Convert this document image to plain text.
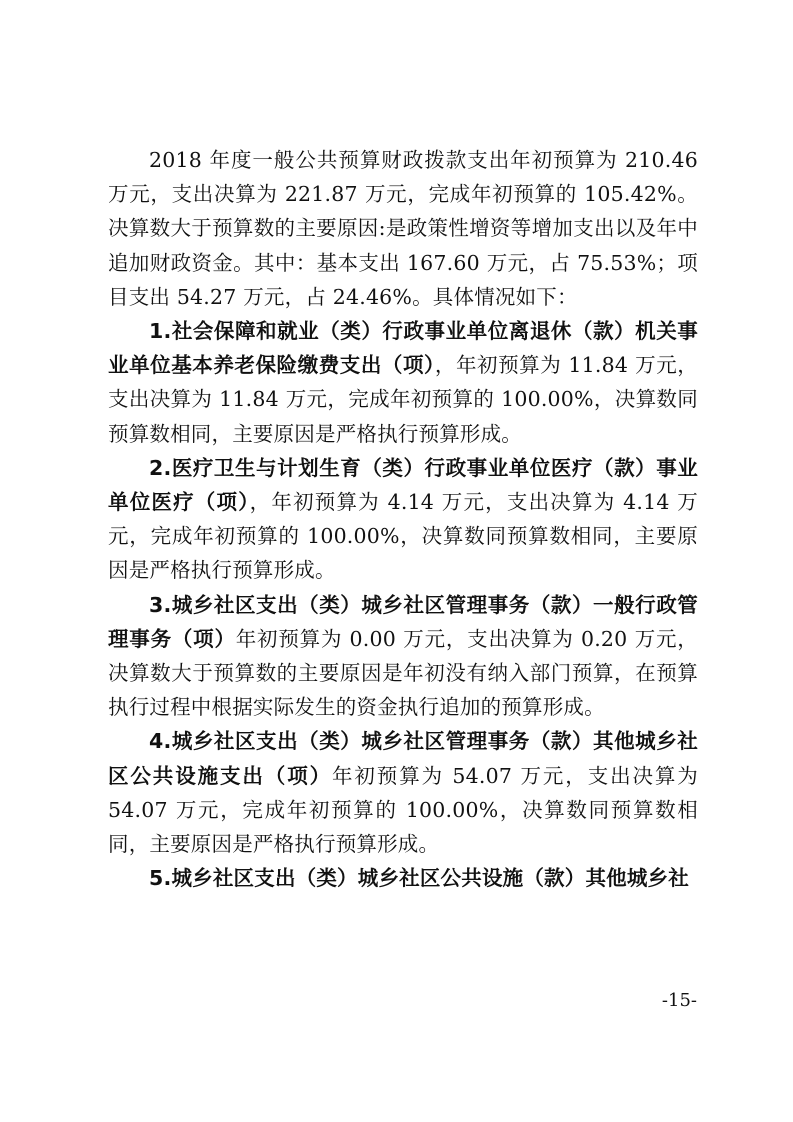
2018 年度一般公共预算财政拨款支出年初预算为 210.46 万元，支出决算为 221.87 万元，完成年初预算的 105.42%。决算数大于预算数的主要原因:是政策性增资等增加支出以及年中追加财政资金。其中：基本支出 167.60 万元，占 75.53%；项目支出 54.27 万元，占 24.46%。具体情况如下：

1.社会保障和就业（类）行政事业单位离退休（款）机关事业单位基本养老保险缴费支出（项），年初预算为 11.84 万元，支出决算为 11.84 万元，完成年初预算的 100.00%，决算数同预算数相同，主要原因是严格执行预算形成。

2.医疗卫生与计划生育（类）行政事业单位医疗（款）事业单位医疗（项），年初预算为 4.14 万元，支出决算为 4.14 万元，完成年初预算的 100.00%，决算数同预算数相同，主要原因是严格执行预算形成。

3.城乡社区支出（类）城乡社区管理事务（款）一般行政管理事务（项）年初预算为 0.00 万元，支出决算为 0.20 万元，决算数大于预算数的主要原因是年初没有纳入部门预算，在预算执行过程中根据实际发生的资金执行追加的预算形成。

4.城乡社区支出（类）城乡社区管理事务（款）其他城乡社区公共设施支出（项）年初预算为 54.07 万元，支出决算为 54.07 万元，完成年初预算的 100.00%，决算数同预算数相同，主要原因是严格执行预算形成。

5.城乡社区支出（类）城乡社区公共设施（款）其他城乡社

-15-
